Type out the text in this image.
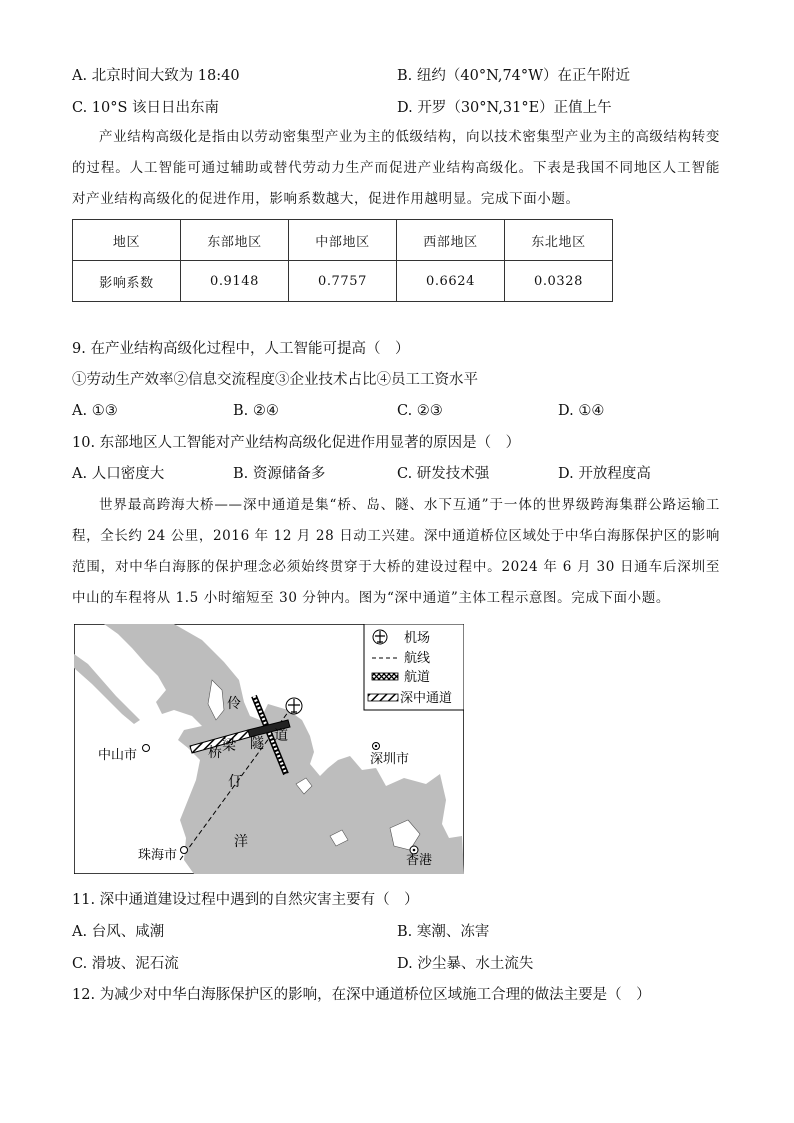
A. 北京时间大致为 18:40	B. 纽约（40°N,74°W）在正午附近
C. 10°S 该日日出东南	D. 开罗（30°N,31°E）正值上午
产业结构高级化是指由以劳动密集型产业为主的低级结构，向以技术密集型产业为主的高级结构转变的过程。人工智能可通过辅助或替代劳动力生产而促进产业结构高级化。下表是我国不同地区人工智能对产业结构高级化的促进作用，影响系数越大，促进作用越明显。完成下面小题。
地区	东部地区	中部地区	西部地区	东北地区
影响系数	0.9148	0.7757	0.6624	0.0328
9. 在产业结构高级化过程中，人工智能可提高（　）
①劳动生产效率②信息交流程度③企业技术占比④员工工资水平
A. ①③	B. ②④	C. ②③	D. ①④
10. 东部地区人工智能对产业结构高级化促进作用显著的原因是（　）
A. 人口密度大	B. 资源储备多	C. 研发技术强	D. 开放程度高
世界最高跨海大桥——深中通道是集“桥、岛、隧、水下互通”于一体的世界级跨海集群公路运输工程，全长约 24 公里，2016 年 12 月 28 日动工兴建。深中通道桥位区域处于中华白海豚保护区的影响范围，对中华白海豚的保护理念必须始终贯穿于大桥的建设过程中。2024 年 6 月 30 日通车后深圳至中山的车程将从 1.5 小时缩短至 30 分钟内。图为“深中通道”主体工程示意图。完成下面小题。
机场
航线
航道
深中通道
中山市
珠海市
深圳市
香港
伶
桥 梁 隧 道
仃
洋
11. 深中通道建设过程中遇到的自然灾害主要有（　）
A. 台风、咸潮	B. 寒潮、冻害
C. 滑坡、泥石流	D. 沙尘暴、水土流失
12. 为减少对中华白海豚保护区的影响，在深中通道桥位区域施工合理的做法主要是（　）
